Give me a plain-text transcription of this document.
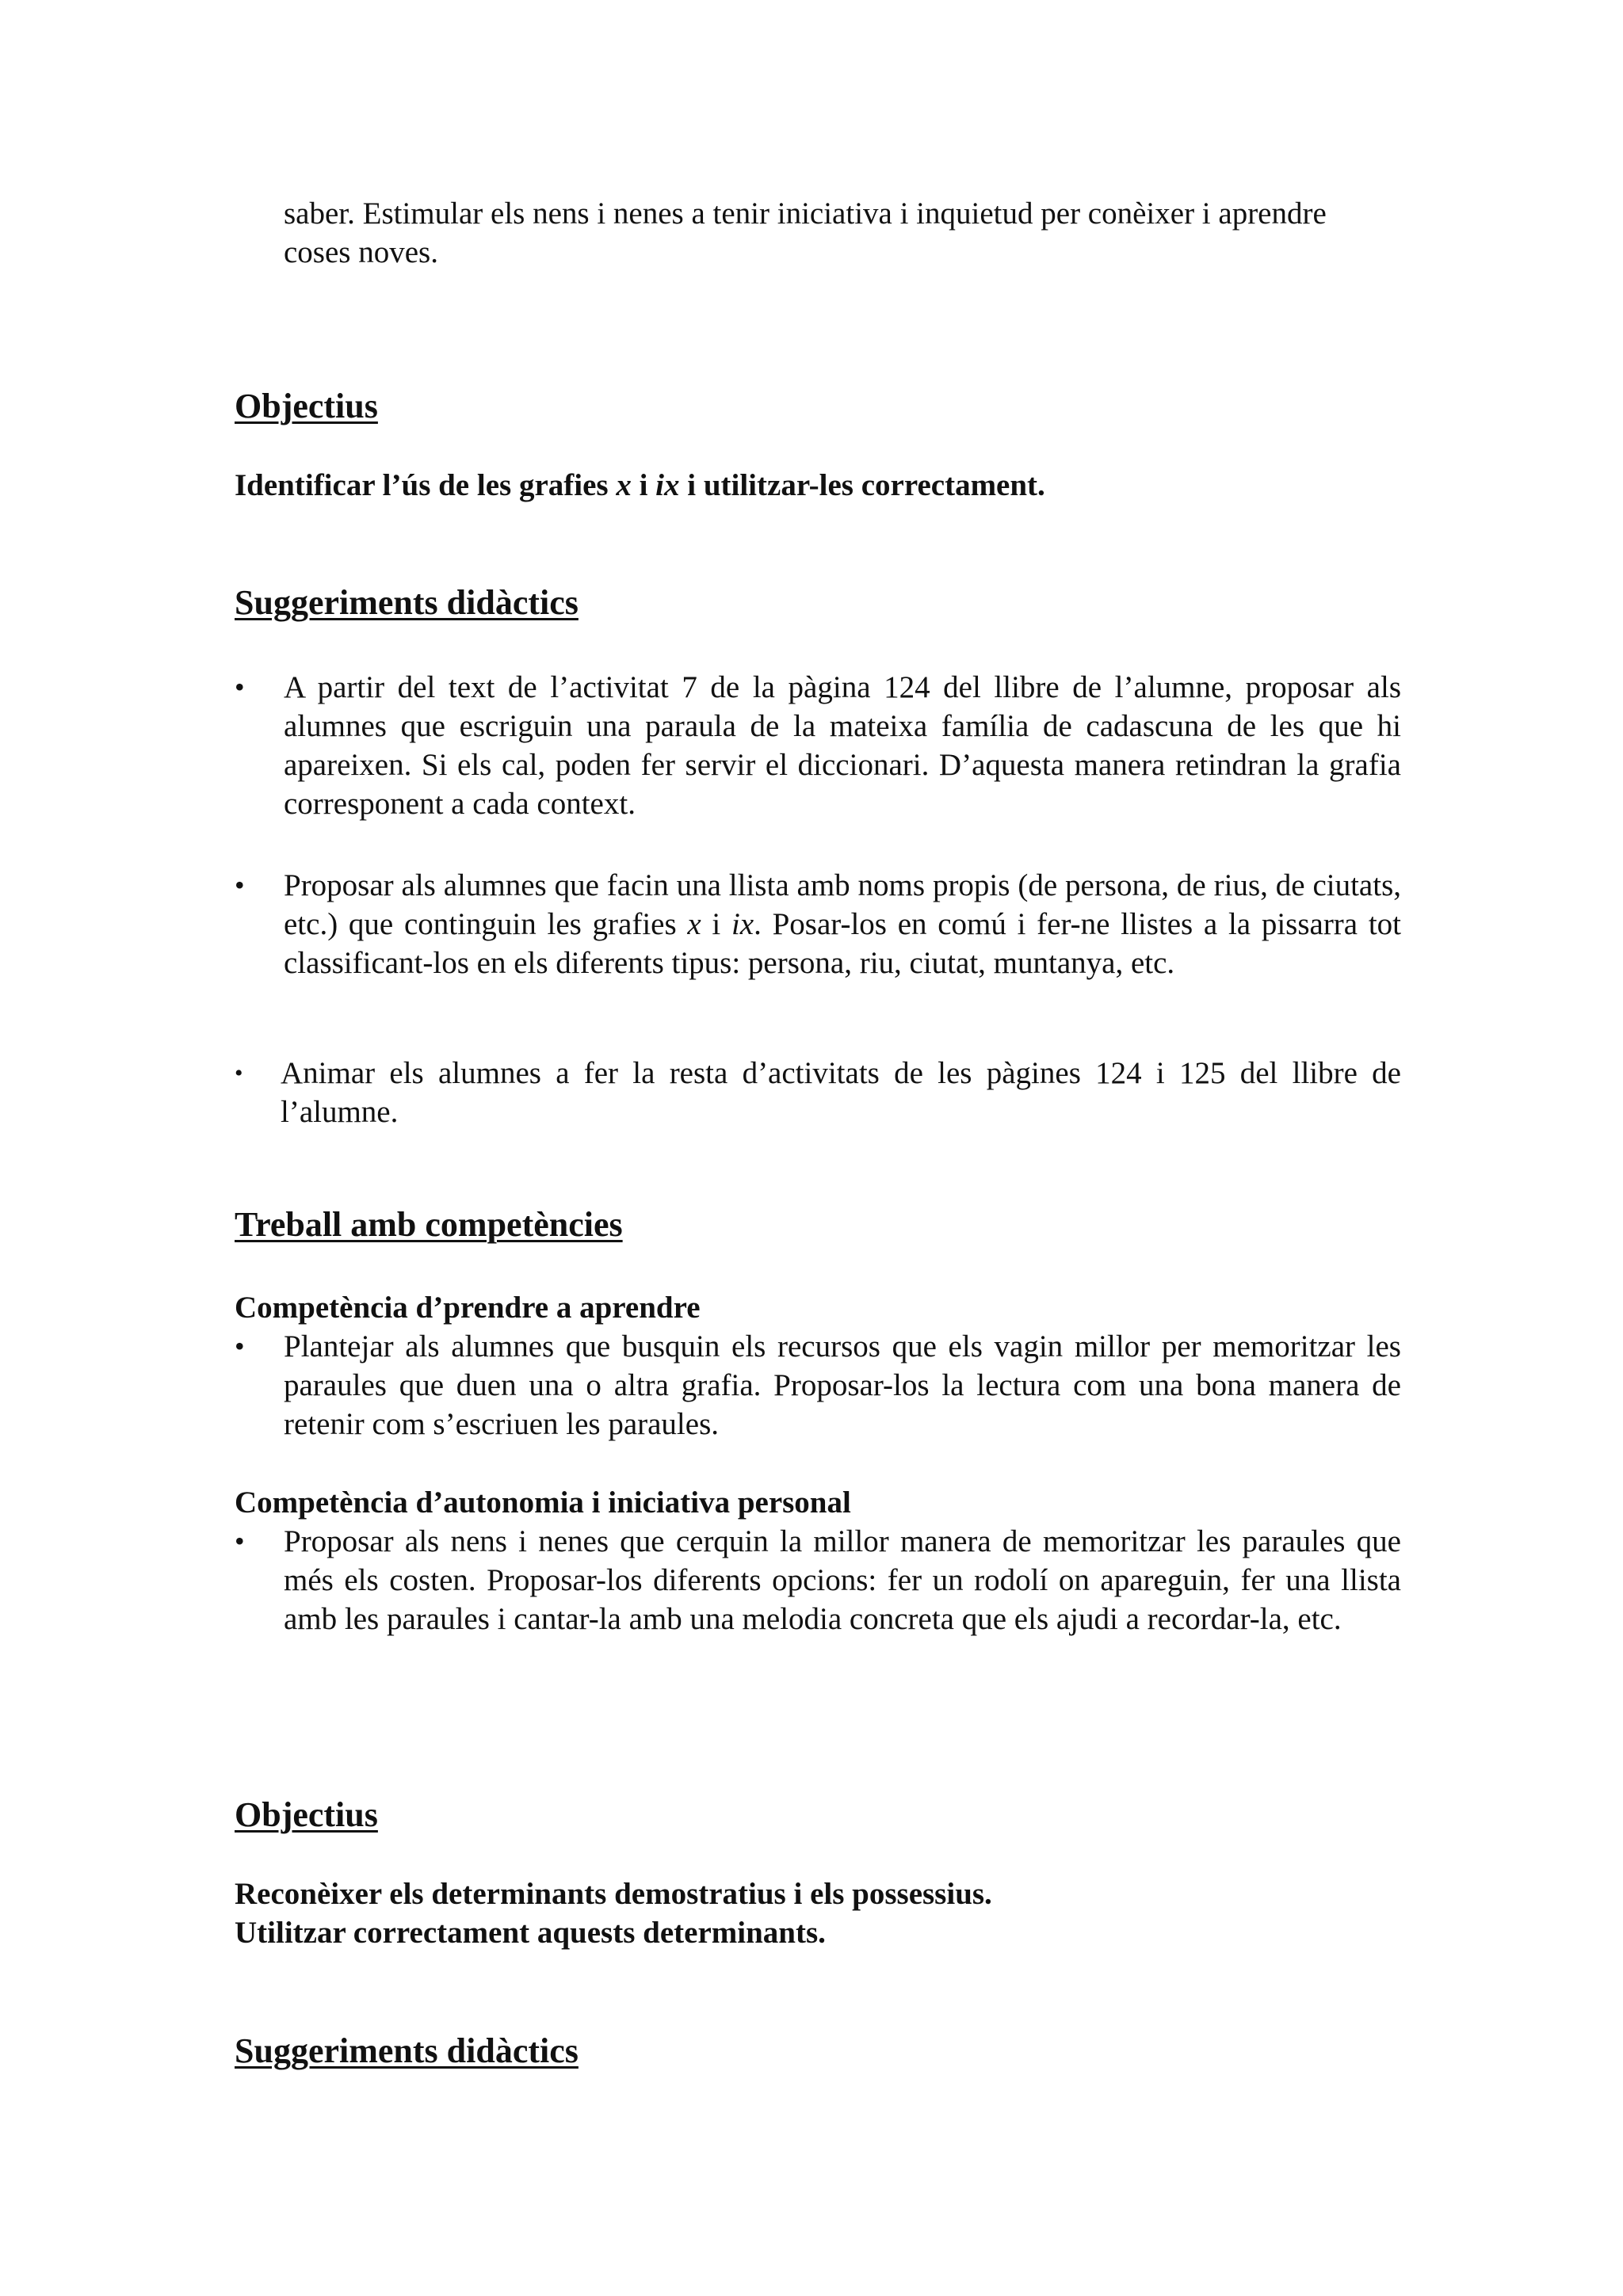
saber. Estimular els nens i nenes a tenir iniciativa i inquietud per conèixer i aprendre

coses noves.

Objectius

Identificar l’ús de les grafies x i ix i utilitzar-les correctament.

Suggeriments didàctics

• A partir del text de l’activitat 7 de la pàgina 124 del llibre de l’alumne, proposar als alumnes que escriguin una paraula de la mateixa família de cadascuna de les que hi apareixen. Si els cal, poden fer servir el diccionari. D’aquesta manera retindran la grafia corresponent a cada context.

• Proposar als alumnes que facin una llista amb noms propis (de persona, de rius, de ciutats, etc.) que continguin les grafies x i ix. Posar-los en comú i fer-ne llistes a la pissarra tot classificant-los en els diferents tipus: persona, riu, ciutat, muntanya, etc.

• Animar els alumnes a fer la resta d’activitats de les pàgines 124 i 125 del llibre de l’alumne.

Treball amb competències

Competència d’prendre a aprendre

• Plantejar als alumnes que busquin els recursos que els vagin millor per memoritzar les paraules que duen una o altra grafia. Proposar-los la lectura com una bona manera de retenir com s’escriuen les paraules.

Competència d’autonomia i iniciativa personal

• Proposar als nens i nenes que cerquin la millor manera de memoritzar les paraules que més els costen. Proposar-los diferents opcions: fer un rodolí on apareguin, fer una llista amb les paraules i cantar-la amb una melodia concreta que els ajudi a recordar-la, etc.

Objectius

Reconèixer els determinants demostratius i els possessius.

Utilitzar correctament aquests determinants.

Suggeriments didàctics
